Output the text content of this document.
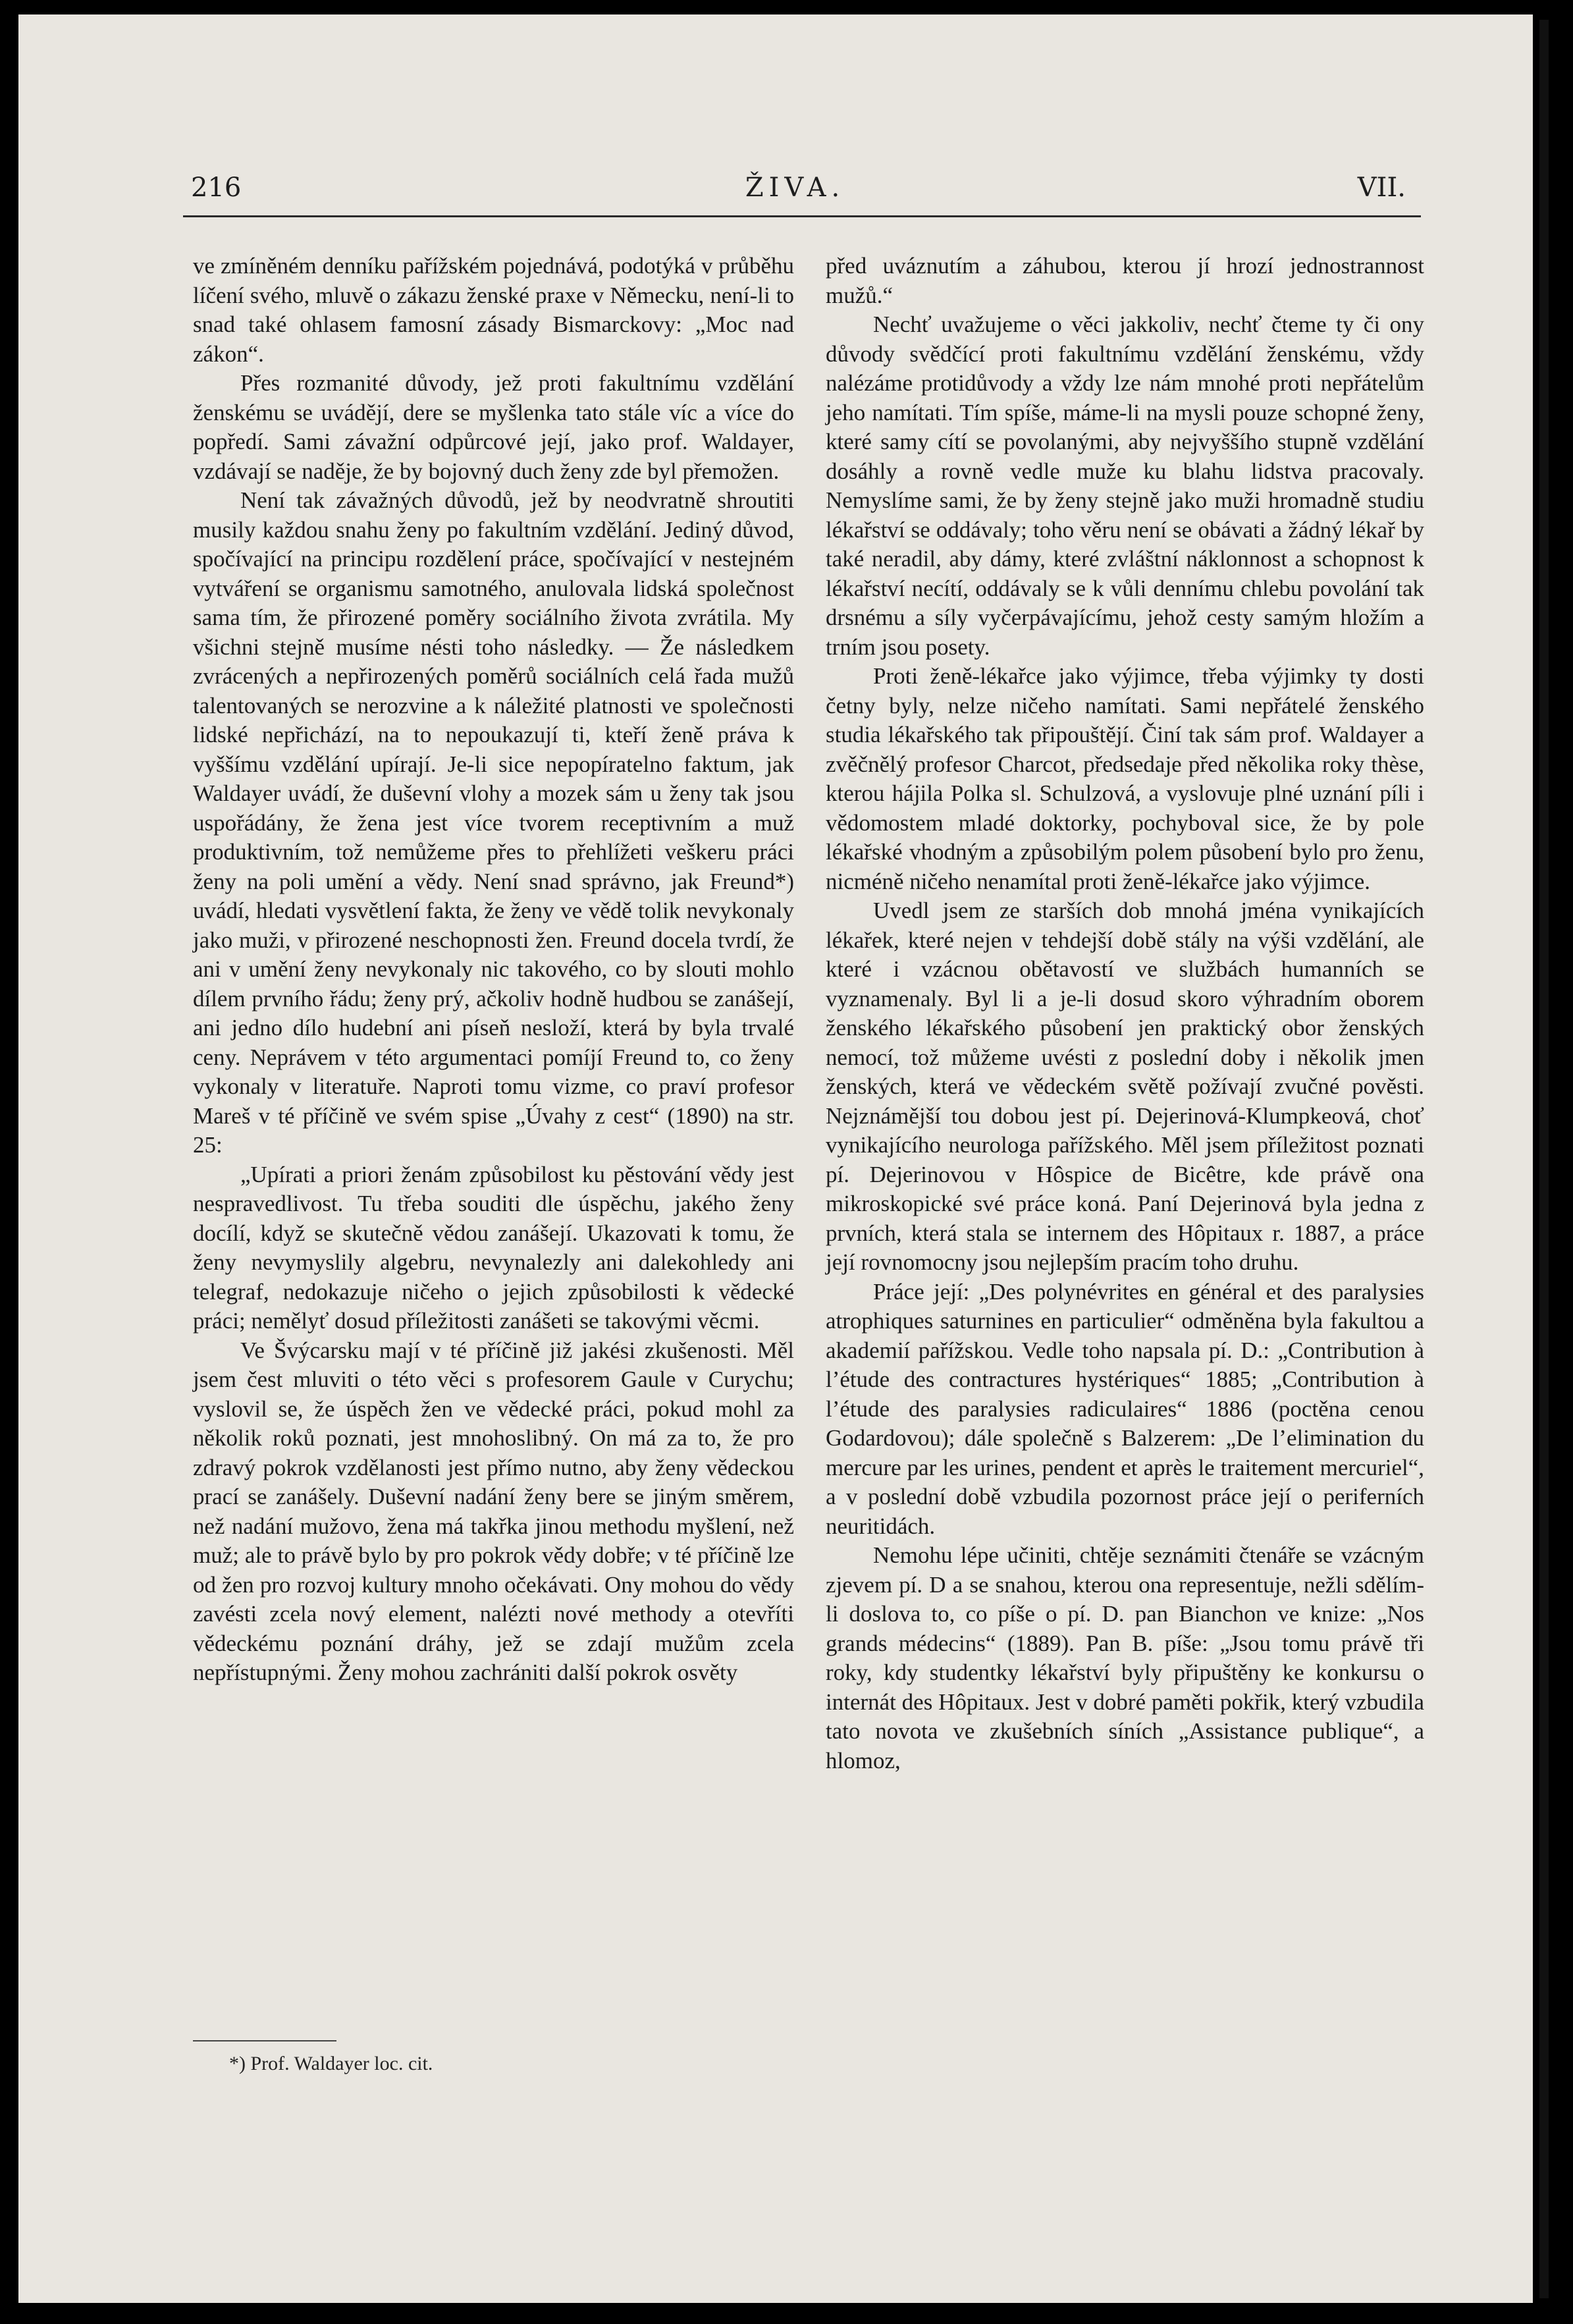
216	ŽIVA.	VII.

ve zmíněném denníku pařížském pojednává, podotýká v průběhu líčení svého, mluvě o zákazu ženské praxe v Německu, není-li to snad také ohlasem famosní zásady Bismarckovy: „Moc nad zákon“.

Přes rozmanité důvody, jež proti fakultnímu vzdělání ženskému se uvádějí, dere se myšlenka tato stále víc a více do popředí. Sami závažní odpůrcové její, jako prof. Waldayer, vzdávají se naděje, že by bojovný duch ženy zde byl přemožen.

Není tak závažných důvodů, jež by neodvratně shroutiti musily každou snahu ženy po fakultním vzdělání. Jediný důvod, spočívající na principu rozdělení práce, spočívající v nestejném vytváření se organismu samotného, anulovala lidská společnost sama tím, že přirozené poměry sociálního života zvrátila. My všichni stejně musíme nésti toho následky. — Že následkem zvrácených a nepřirozených poměrů sociálních celá řada mužů talentovaných se nerozvine a k náležité platnosti ve společnosti lidské nepřichází, na to nepoukazují ti, kteří ženě práva k vyššímu vzdělání upírají. Je-li sice nepopíratelno faktum, jak Waldayer uvádí, že duševní vlohy a mozek sám u ženy tak jsou uspořádány, že žena jest více tvorem receptivním a muž produktivním, tož nemůžeme přes to přehlížeti veškeru práci ženy na poli umění a vědy. Není snad správno, jak Freund*) uvádí, hledati vysvětlení fakta, že ženy ve vědě tolik nevykonaly jako muži, v přirozené neschopnosti žen. Freund docela tvrdí, že ani v umění ženy nevykonaly nic takového, co by slouti mohlo dílem prvního řádu; ženy prý, ačkoliv hodně hudbou se zanášejí, ani jedno dílo hudební ani píseň nesloží, která by byla trvalé ceny. Neprávem v této argumentaci pomíjí Freund to, co ženy vykonaly v literatuře. Naproti tomu vizme, co praví profesor Mareš v té příčině ve svém spise „Úvahy z cest“ (1890) na str. 25:

„Upírati a priori ženám způsobilost ku pěstování vědy jest nespravedlivost. Tu třeba souditi dle úspěchu, jakého ženy docílí, když se skutečně vědou zanášejí. Ukazovati k tomu, že ženy nevymyslily algebru, nevynalezly ani dalekohledy ani telegraf, nedokazuje ničeho o jejich způsobilosti k vědecké práci; nemělyť dosud příležitosti zanášeti se takovými věcmi.

Ve Švýcarsku mají v té příčině již jakési zkušenosti. Měl jsem čest mluviti o této věci s profesorem Gaule v Curychu; vyslovil se, že úspěch žen ve vědecké práci, pokud mohl za několik roků poznati, jest mnohoslibný. On má za to, že pro zdravý pokrok vzdělanosti jest přímo nutno, aby ženy vědeckou prací se zanášely. Duševní nadání ženy bere se jiným směrem, než nadání mužovo, žena má takřka jinou methodu myšlení, než muž; ale to právě bylo by pro pokrok vědy dobře; v té příčině lze od žen pro rozvoj kultury mnoho očekávati. Ony mohou do vědy zavésti zcela nový element, nalézti nové methody a otevříti vědeckému poznání dráhy, jež se zdají mužům zcela nepřístupnými. Ženy mohou zachrániti další pokrok osvěty

před uváznutím a záhubou, kterou jí hrozí jednostrannost mužů.“

Nechť uvažujeme o věci jakkoliv, nechť čteme ty či ony důvody svědčící proti fakultnímu vzdělání ženskému, vždy nalézáme protidůvody a vždy lze nám mnohé proti nepřátelům jeho namítati. Tím spíše, máme-li na mysli pouze schopné ženy, které samy cítí se povolanými, aby nejvyššího stupně vzdělání dosáhly a rovně vedle muže ku blahu lidstva pracovaly. Nemyslíme sami, že by ženy stejně jako muži hromadně studiu lékařství se oddávaly; toho věru není se obávati a žádný lékař by také neradil, aby dámy, které zvláštní náklonnost a schopnost k lékařství necítí, oddávaly se k vůli dennímu chlebu povolání tak drsnému a síly vyčerpávajícímu, jehož cesty samým hložím a trním jsou posety.

Proti ženě-lékařce jako výjimce, třeba výjimky ty dosti četny byly, nelze ničeho namítati. Sami nepřátelé ženského studia lékařského tak připouštějí. Činí tak sám prof. Waldayer a zvěčnělý profesor Charcot, předsedaje před několika roky thèse, kterou hájila Polka sl. Schulzová, a vyslovuje plné uznání píli i vědomostem mladé doktorky, pochyboval sice, že by pole lékařské vhodným a způsobilým polem působení bylo pro ženu, nicméně ničeho nenamítal proti ženě-lékařce jako výjimce.

Uvedl jsem ze starších dob mnohá jména vynikajících lékařek, které nejen v tehdejší době stály na výši vzdělání, ale které i vzácnou obětavostí ve službách humanních se vyznamenaly. Byl li a je-li dosud skoro výhradním oborem ženského lékařského působení jen praktický obor ženských nemocí, tož můžeme uvésti z poslední doby i několik jmen ženských, která ve vědeckém světě požívají zvučné pověsti. Nejznámější tou dobou jest pí. Dejerinová-Klumpkeová, choť vynikajícího neurologa pařížského. Měl jsem příležitost poznati pí. Dejerinovou v Hôspice de Bicêtre, kde právě ona mikroskopické své práce koná. Paní Dejerinová byla jedna z prvních, která stala se internem des Hôpitaux r. 1887, a práce její rovnomocny jsou nejlepším pracím toho druhu.

Práce její: „Des polynévrites en général et des paralysies atrophiques saturnines en particulier“ odměněna byla fakultou a akademií pařížskou. Vedle toho napsala pí. D.: „Contribution à l’étude des contractures hystériques“ 1885; „Contribution à l’étude des paralysies radiculaires“ 1886 (poctěna cenou Godardovou); dále společně s Balzerem: „De l’elimination du mercure par les urines, pendent et après le traitement mercuriel“, a v poslední době vzbudila pozornost práce její o periferních neuritidách.

Nemohu lépe učiniti, chtěje seznámiti čtenáře se vzácným zjevem pí. D a se snahou, kterou ona representuje, nežli sdělím-li doslova to, co píše o pí. D. pan Bianchon ve knize: „Nos grands médecins“ (1889). Pan B. píše: „Jsou tomu právě tři roky, kdy studentky lékařství byly připuštěny ke konkursu o internát des Hôpitaux. Jest v dobré paměti pokřik, který vzbudila tato novota ve zkušebních síních „Assistance publique“, a hlomoz,

*) Prof. Waldayer loc. cit.
